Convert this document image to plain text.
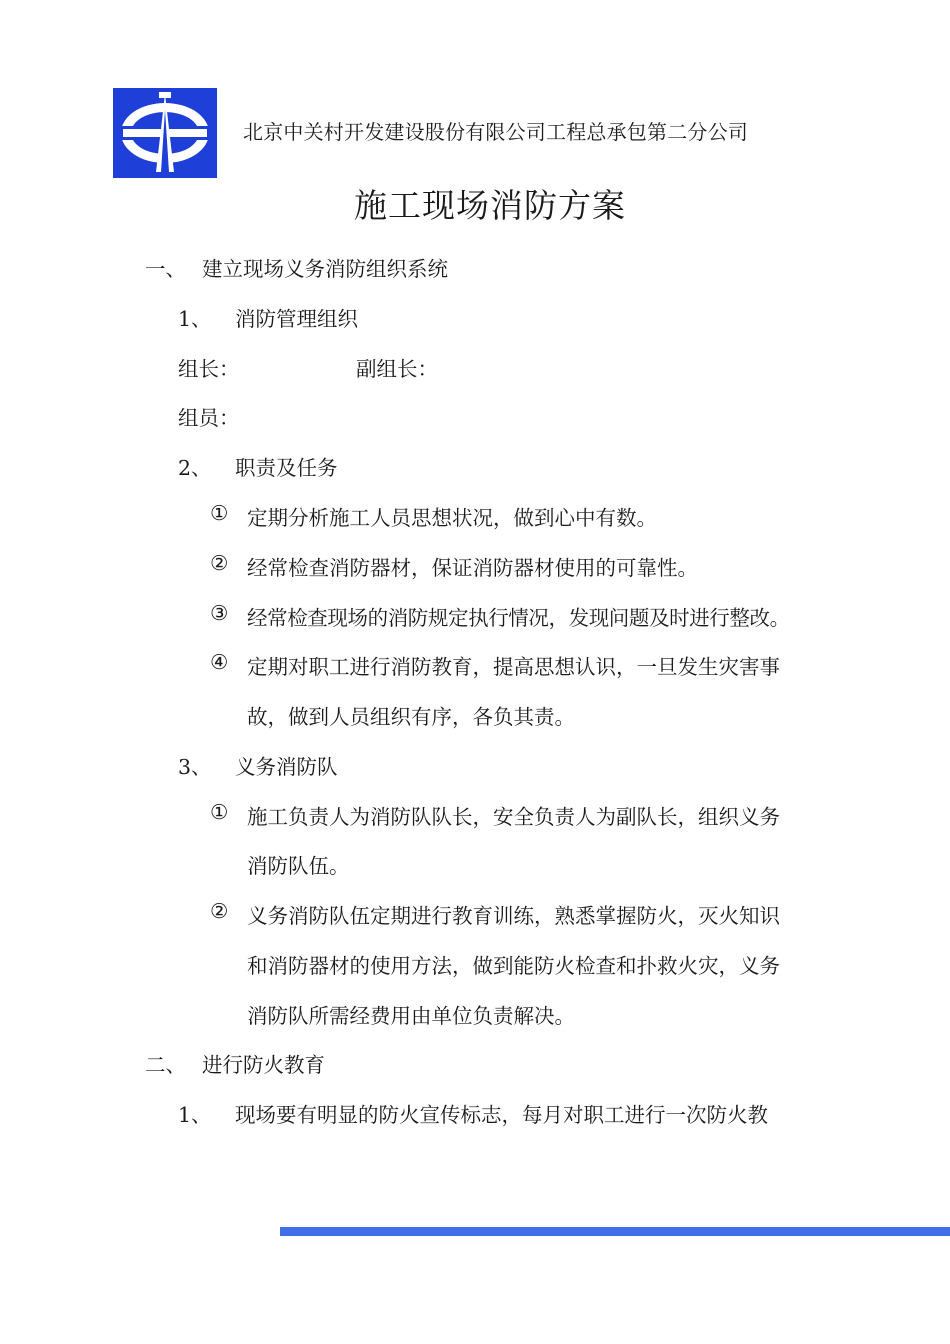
北京中关村开发建设股份有限公司工程总承包第二分公司
施工现场消防方案
一、 建立现场义务消防组织系统
1、 消防管理组织
组长：	副组长：
组员：
2、 职责及任务
① 定期分析施工人员思想状况，做到心中有数。
② 经常检查消防器材，保证消防器材使用的可靠性。
③ 经常检查现场的消防规定执行情况，发现问题及时进行整改。
④ 定期对职工进行消防教育，提高思想认识，一旦发生灾害事
故，做到人员组织有序，各负其责。
3、 义务消防队
① 施工负责人为消防队队长，安全负责人为副队长，组织义务
消防队伍。
② 义务消防队伍定期进行教育训练，熟悉掌握防火，灭火知识
和消防器材的使用方法，做到能防火检查和扑救火灾，义务
消防队所需经费用由单位负责解决。
二、 进行防火教育
1、 现场要有明显的防火宣传标志，每月对职工进行一次防火教
